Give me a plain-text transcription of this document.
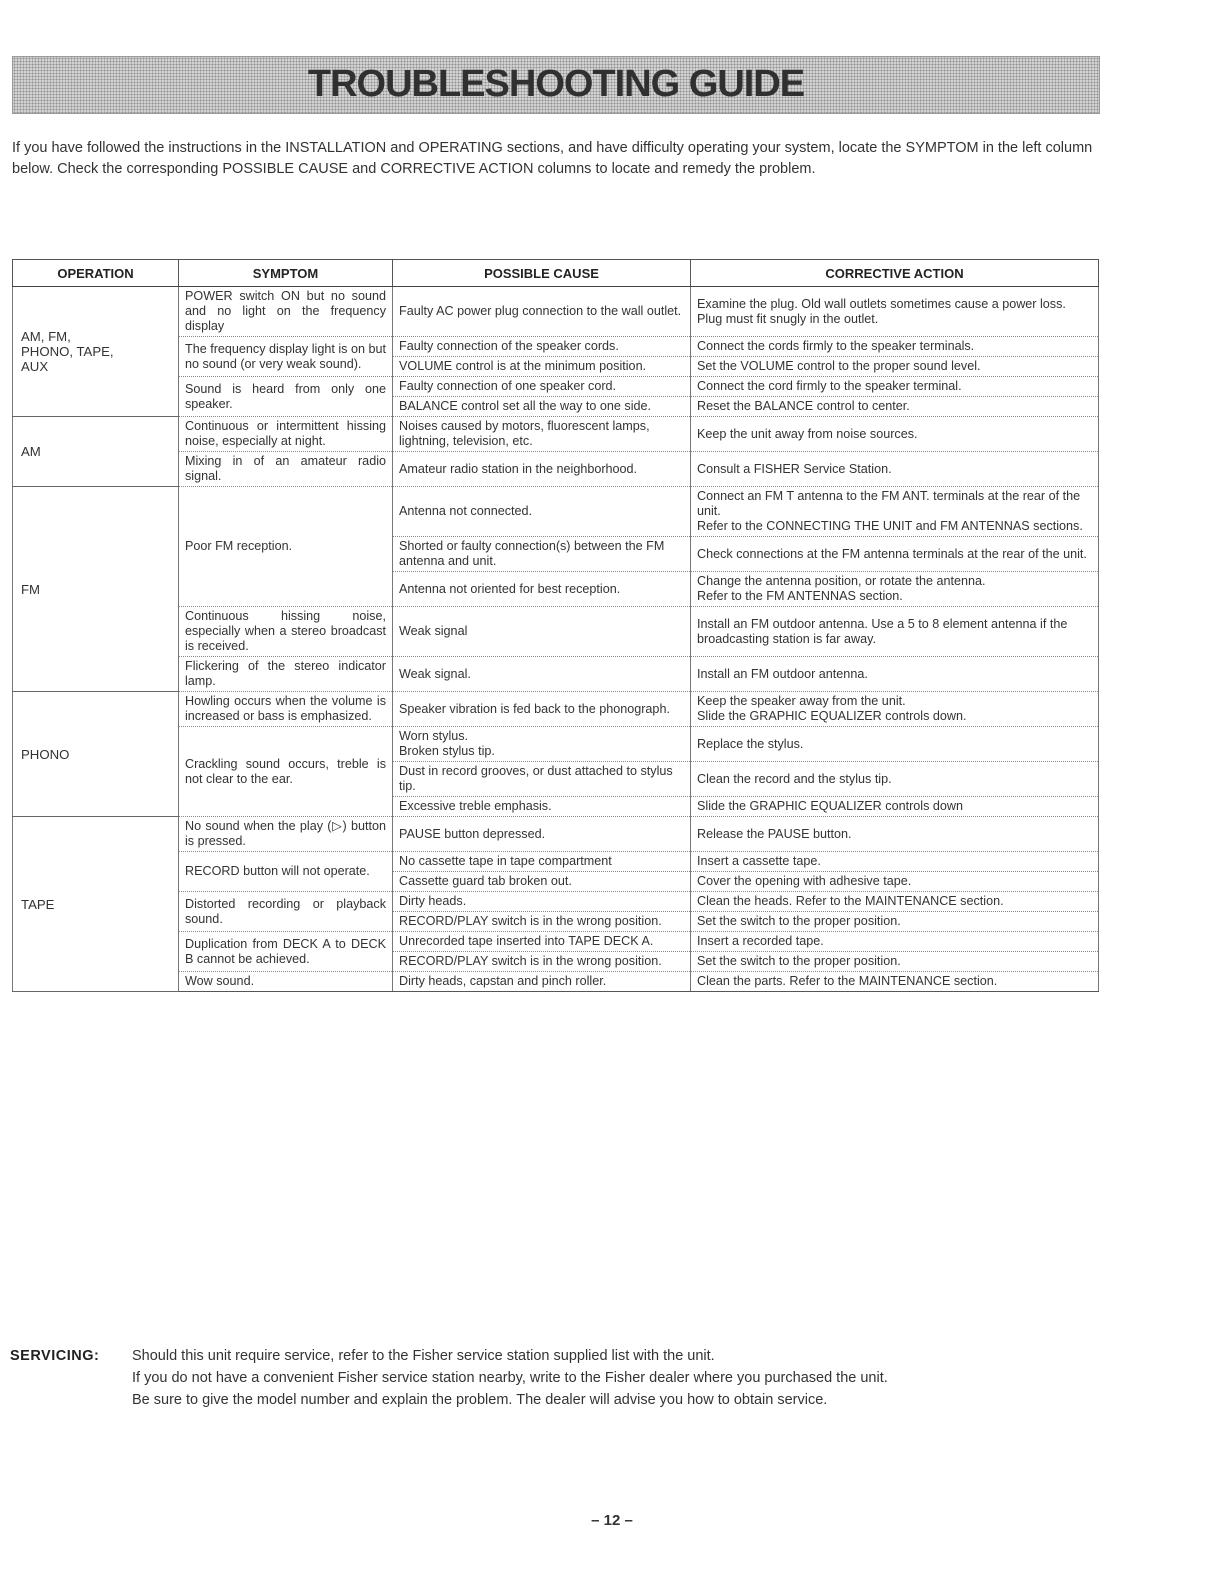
TROUBLESHOOTING GUIDE
If you have followed the instructions in the INSTALLATION and OPERATING sections, and have difficulty operating your system, locate the SYMPTOM in the left column below. Check the corresponding POSSIBLE CAUSE and CORRECTIVE ACTION columns to locate and remedy the problem.
OPERATION	SYMPTOM	POSSIBLE CAUSE	CORRECTIVE ACTION
AM, FM,
PHONO, TAPE,
AUX	POWER switch ON but no sound and no light on the frequency display	Faulty AC power plug connection to the wall outlet.	Examine the plug. Old wall outlets sometimes cause a power loss. Plug must fit snugly in the outlet.
	The frequency display light is on but no sound (or very weak sound).	Faulty connection of the speaker cords.	Connect the cords firmly to the speaker terminals.
		VOLUME control is at the minimum position.	Set the VOLUME control to the proper sound level.
	Sound is heard from only one speaker.	Faulty connection of one speaker cord.	Connect the cord firmly to the speaker terminal.
		BALANCE control set all the way to one side.	Reset the BALANCE control to center.
AM	Continuous or intermittent hissing noise, especially at night.	Noises caused by motors, fluorescent lamps, lightning, television, etc.	Keep the unit away from noise sources.
	Mixing in of an amateur radio signal.	Amateur radio station in the neighborhood.	Consult a FISHER Service Station.
FM	Poor FM reception.	Antenna not connected.	Connect an FM T antenna to the FM ANT. terminals at the rear of the unit.
Refer to the CONNECTING THE UNIT and FM ANTENNAS sections.
		Shorted or faulty connection(s) between the FM antenna and unit.	Check connections at the FM antenna terminals at the rear of the unit.
		Antenna not oriented for best reception.	Change the antenna position, or rotate the antenna.
Refer to the FM ANTENNAS section.
	Continuous hissing noise, especially when a stereo broadcast is received.	Weak signal	Install an FM outdoor antenna. Use a 5 to 8 element antenna if the broadcasting station is far away.
	Flickering of the stereo indicator lamp.	Weak signal.	Install an FM outdoor antenna.
PHONO	Howling occurs when the volume is increased or bass is emphasized.	Speaker vibration is fed back to the phonograph.	Keep the speaker away from the unit.
Slide the GRAPHIC EQUALIZER controls down.
	Crackling sound occurs, treble is not clear to the ear.	Worn stylus.
Broken stylus tip.	Replace the stylus.
		Dust in record grooves, or dust attached to stylus tip.	Clean the record and the stylus tip.
		Excessive treble emphasis.	Slide the GRAPHIC EQUALIZER controls down
TAPE	No sound when the play (▷) button is pressed.	PAUSE button depressed.	Release the PAUSE button.
	RECORD button will not operate.	No cassette tape in tape compartment	Insert a cassette tape.
		Cassette guard tab broken out.	Cover the opening with adhesive tape.
	Distorted recording or playback sound.	Dirty heads.	Clean the heads. Refer to the MAINTENANCE section.
		RECORD/PLAY switch is in the wrong position.	Set the switch to the proper position.
	Duplication from DECK A to DECK B cannot be achieved.	Unrecorded tape inserted into TAPE DECK A.	Insert a recorded tape.
		RECORD/PLAY switch is in the wrong position.	Set the switch to the proper position.
	Wow sound.	Dirty heads, capstan and pinch roller.	Clean the parts. Refer to the MAINTENANCE section.
SERVICING: Should this unit require service, refer to the Fisher service station supplied list with the unit.
If you do not have a convenient Fisher service station nearby, write to the Fisher dealer where you purchased the unit.
Be sure to give the model number and explain the problem. The dealer will advise you how to obtain service.
– 12 –
